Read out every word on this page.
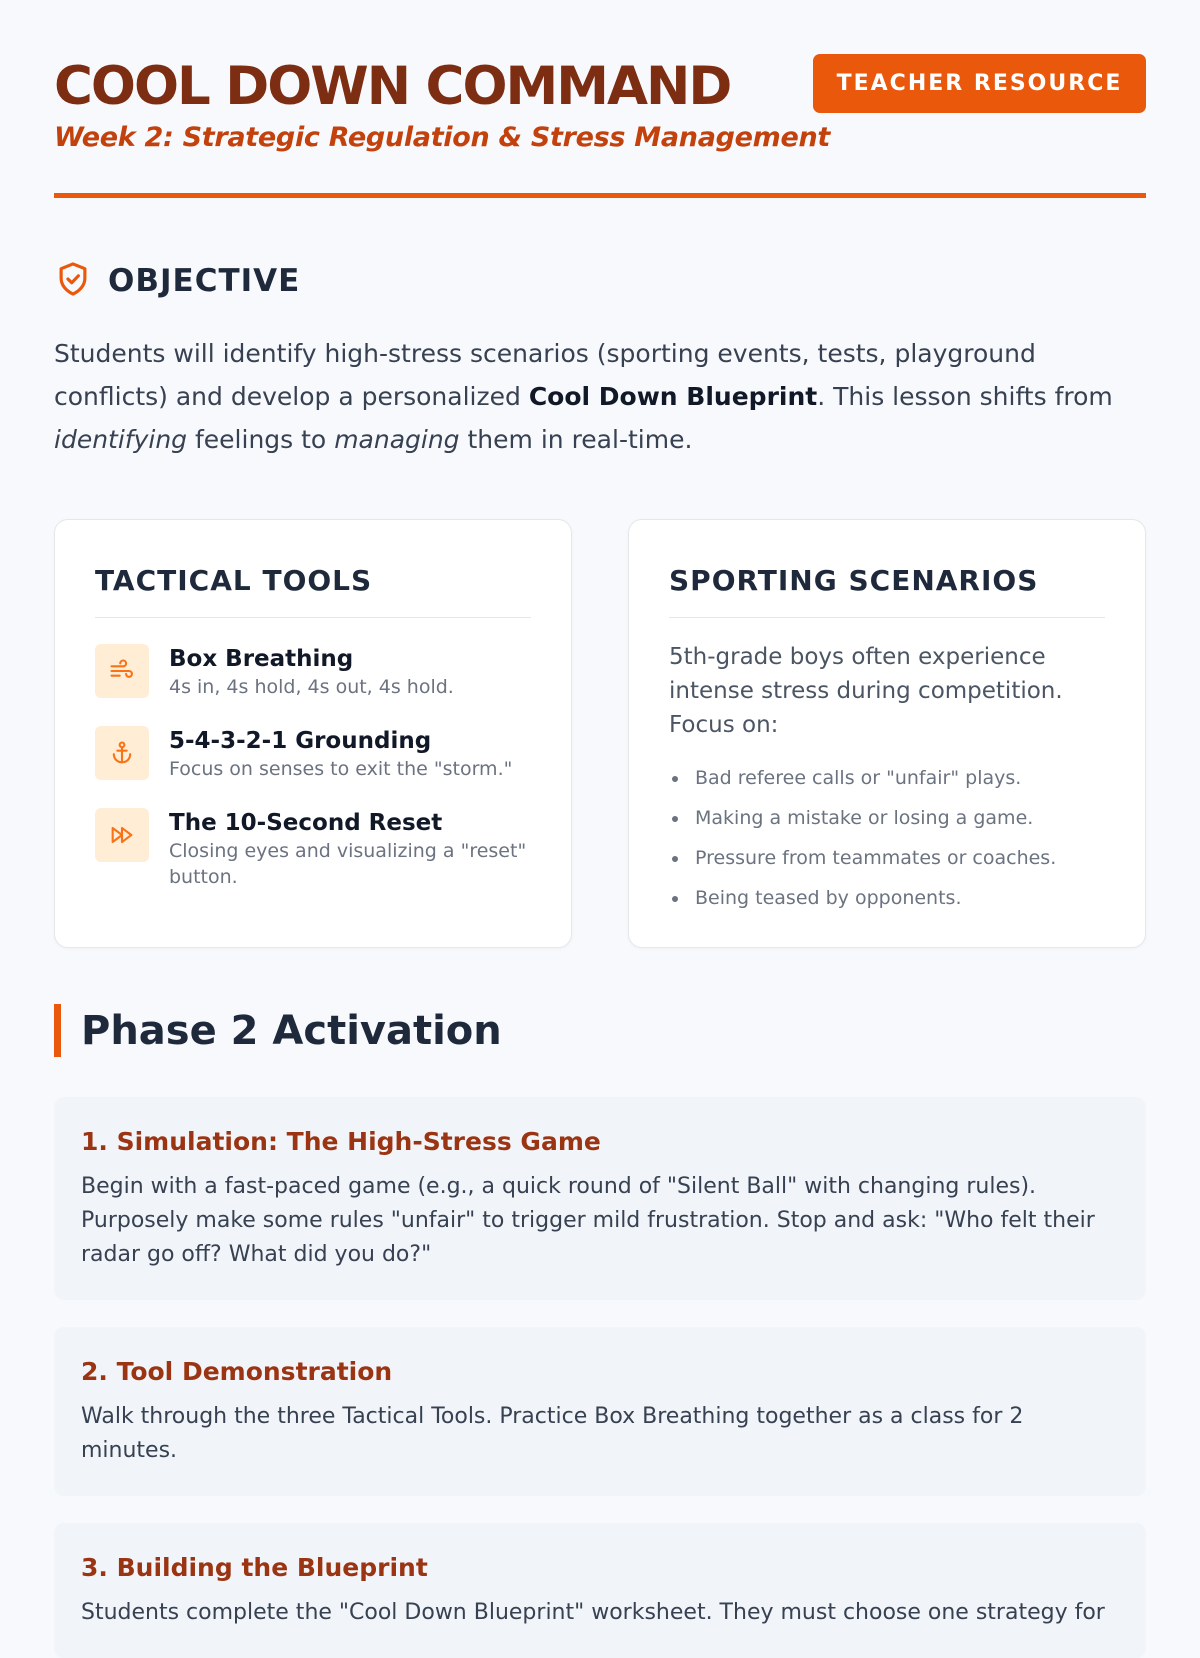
COOL DOWN COMMAND
Week 2: Strategic Regulation & Stress Management
TEACHER RESOURCE
OBJECTIVE

Students will identify high-stress scenarios (sporting events, tests, playground conflicts) and develop a personalized Cool Down Blueprint. This lesson shifts from identifying feelings to managing them in real-time.

TACTICAL TOOLS
Box Breathing
4s in, 4s hold, 4s out, 4s hold.
5-4-3-2-1 Grounding
Focus on senses to exit the "storm."
The 10-Second Reset
Closing eyes and visualizing a "reset" button.
SPORTING SCENARIOS

5th-grade boys often experience intense stress during competition. Focus on:

Bad referee calls or "unfair" plays.
Making a mistake or losing a game.
Pressure from teammates or coaches.
Being teased by opponents.
Phase 2 Activation
1. Simulation: The High-Stress Game

Begin with a fast-paced game (e.g., a quick round of "Silent Ball" with changing rules). Purposely make some rules "unfair" to trigger mild frustration. Stop and ask: "Who felt their radar go off? What did you do?"

2. Tool Demonstration

Walk through the three Tactical Tools. Practice Box Breathing together as a class for 2 minutes.

3. Building the Blueprint

Students complete the "Cool Down Blueprint" worksheet. They must choose one strategy for
